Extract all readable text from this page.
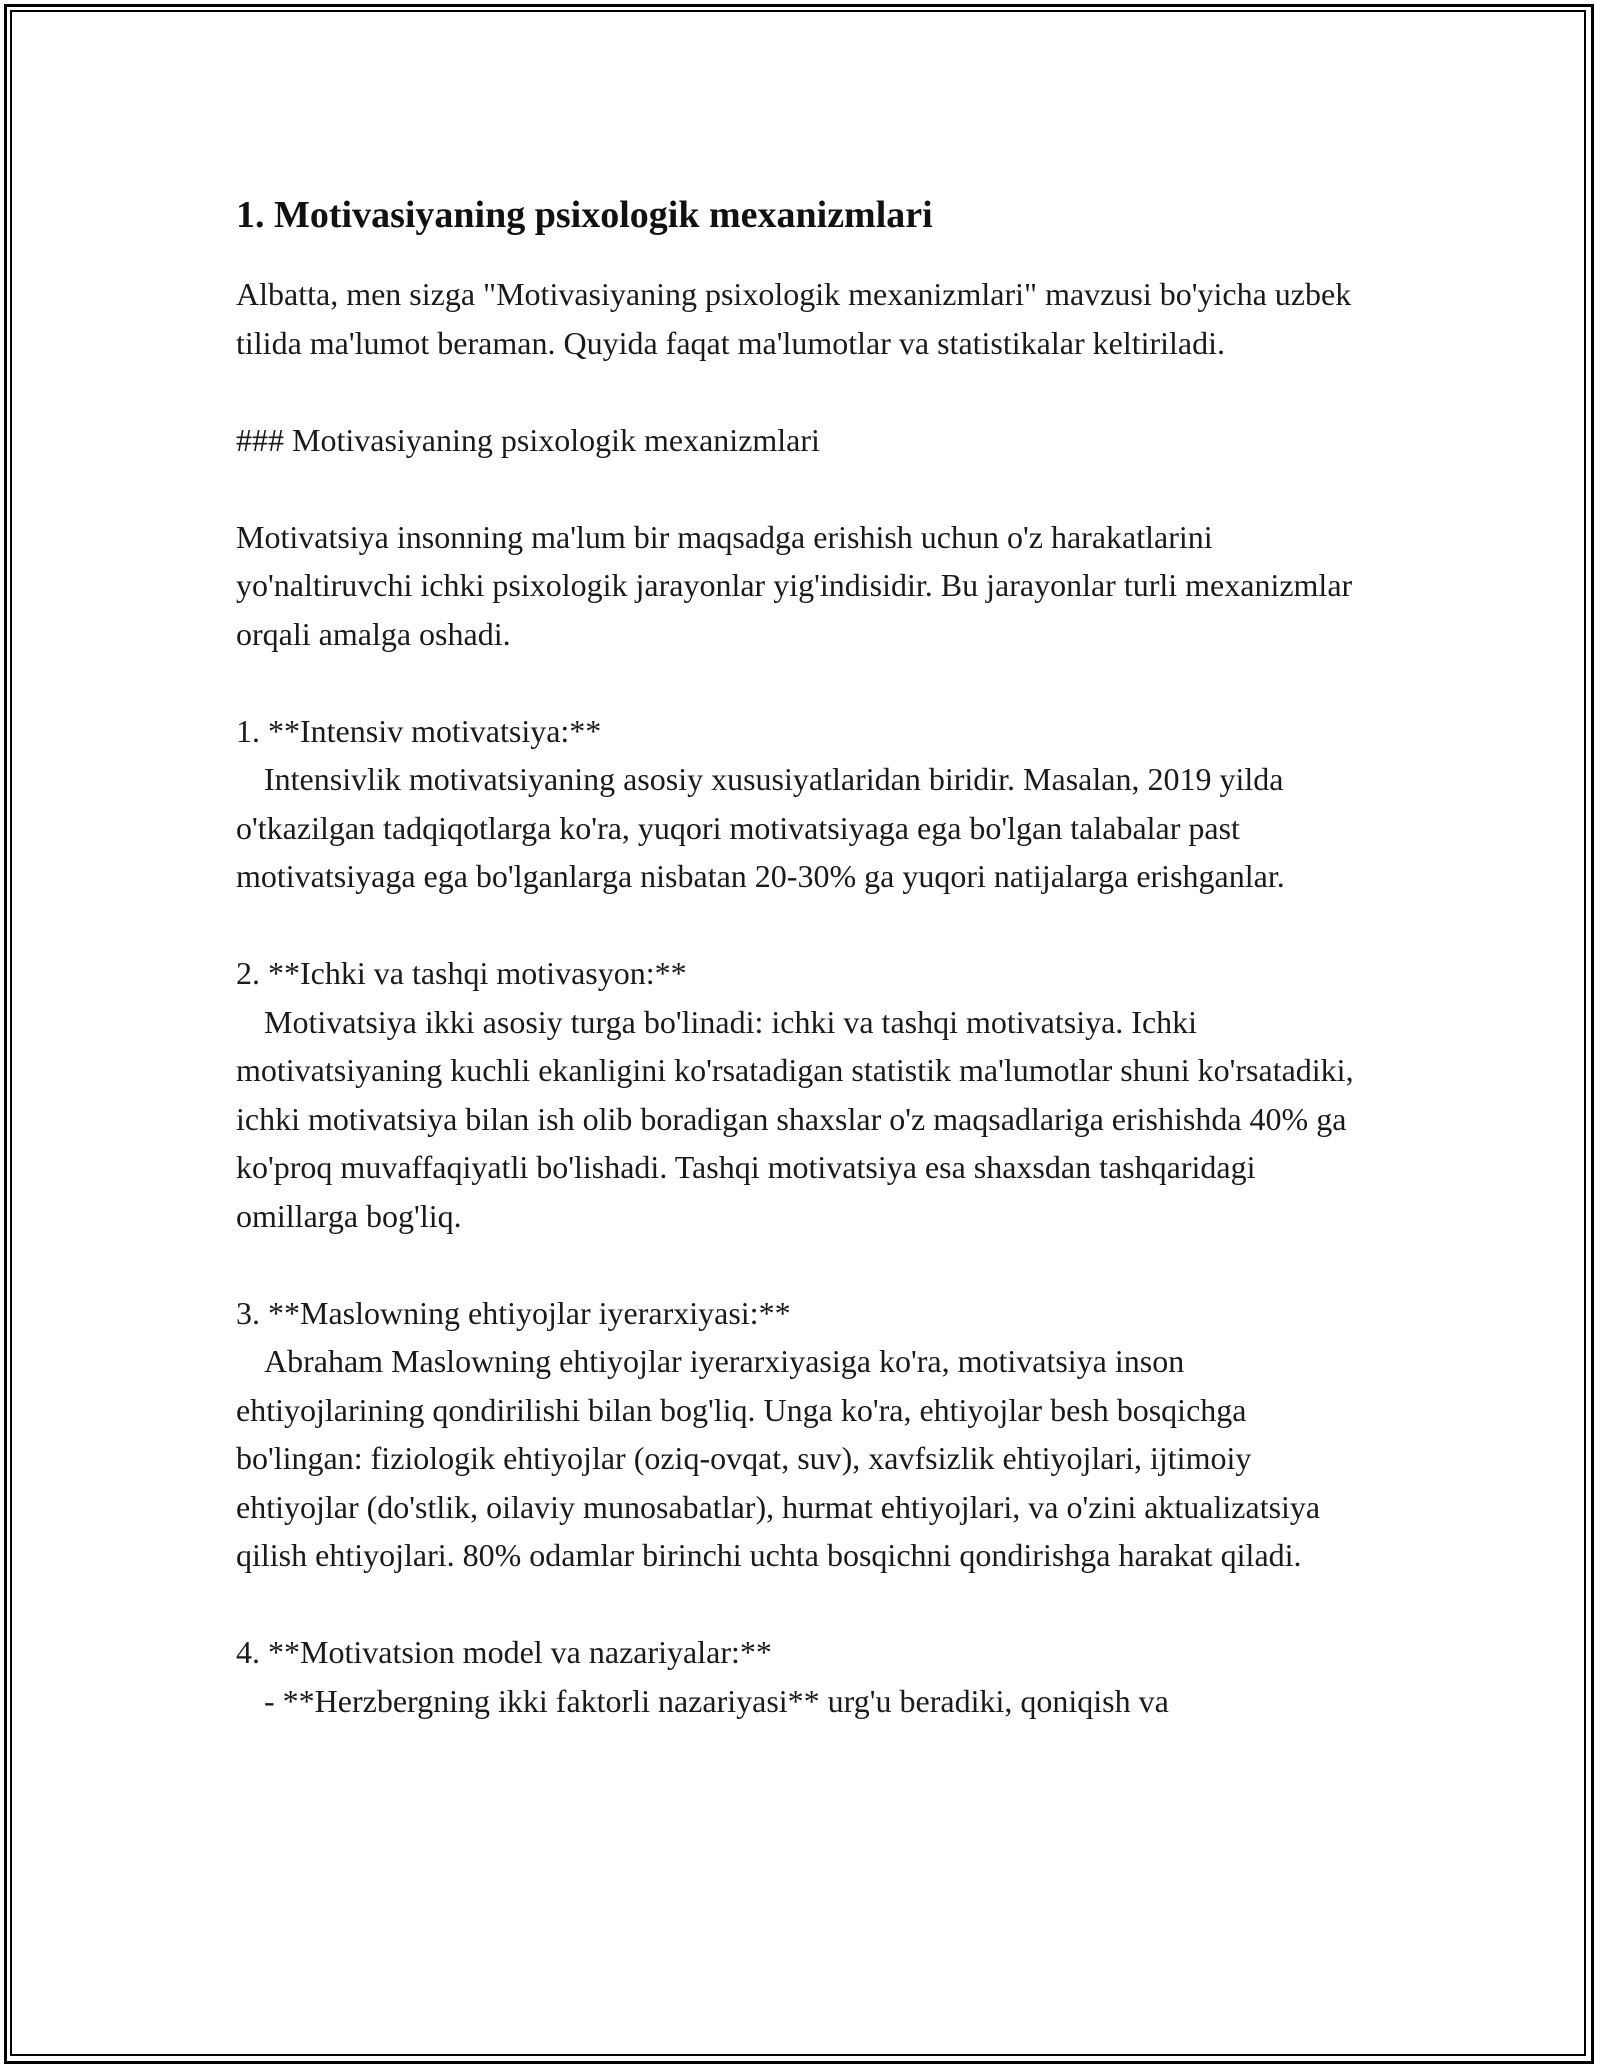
1. Motivasiyaning psixologik mexanizmlari

Albatta, men sizga "Motivasiyaning psixologik mexanizmlari" mavzusi bo'yicha uzbek tilida ma'lumot beraman. Quyida faqat ma'lumotlar va statistikalar keltiriladi.

### Motivasiyaning psixologik mexanizmlari

Motivatsiya insonning ma'lum bir maqsadga erishish uchun o'z harakatlarini yo'naltiruvchi ichki psixologik jarayonlar yig'indisidir. Bu jarayonlar turli mexanizmlar orqali amalga oshadi.

1. **Intensiv motivatsiya:**

Intensivlik motivatsiyaning asosiy xususiyatlaridan biridir. Masalan, 2019 yilda o'tkazilgan tadqiqotlarga ko'ra, yuqori motivatsiyaga ega bo'lgan talabalar past motivatsiyaga ega bo'lganlarga nisbatan 20-30% ga yuqori natijalarga erishganlar.

2. **Ichki va tashqi motivasyon:**

Motivatsiya ikki asosiy turga bo'linadi: ichki va tashqi motivatsiya. Ichki motivatsiyaning kuchli ekanligini ko'rsatadigan statistik ma'lumotlar shuni ko'rsatadiki, ichki motivatsiya bilan ish olib boradigan shaxslar o'z maqsadlariga erishishda 40% ga ko'proq muvaffaqiyatli bo'lishadi. Tashqi motivatsiya esa shaxsdan tashqaridagi omillarga bog'liq.

3. **Maslowning ehtiyojlar iyerarxiyasi:**

Abraham Maslowning ehtiyojlar iyerarxiyasiga ko'ra, motivatsiya inson ehtiyojlarining qondirilishi bilan bog'liq. Unga ko'ra, ehtiyojlar besh bosqichga bo'lingan: fiziologik ehtiyojlar (oziq-ovqat, suv), xavfsizlik ehtiyojlari, ijtimoiy ehtiyojlar (do'stlik, oilaviy munosabatlar), hurmat ehtiyojlari, va o'zini aktualizatsiya qilish ehtiyojlari. 80% odamlar birinchi uchta bosqichni qondirishga harakat qiladi.

4. **Motivatsion model va nazariyalar:**

- **Herzbergning ikki faktorli nazariyasi** urg'u beradiki, qoniqish va
